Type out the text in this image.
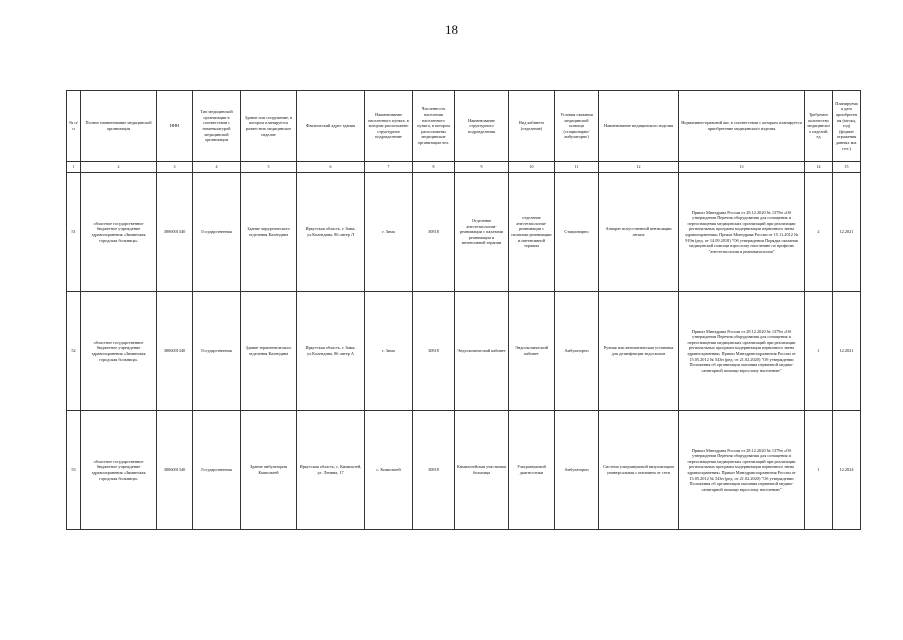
18
№ п/п	Полное наименование медицинской организации	ИНН	Тип медицинской организации в соответствии с номенклатурой медицинской организации	Здание или сооружение, в котором планируется разместить медицинское изделие	Фактический адрес здания	Наименование населенного пункта, в котором расположено структурное подразделение	Численность населения населенного пункта, в котором расположены медицинские организации чел.	Наименование структурного подразделения	Вид кабинета (отделение)	Условия оказания медицинской помощи (стационарно/амбулаторно)	Наименование медицинского изделия	Нормативно-правовой акт, в соответствии с которым планируется приобретение медицинского изделия	Требуемое количество медицинских изделий, ед	Планируемая дата приобретения (месяц, год) (формат отражения данных мм. гггг.)
1	2	3	4	5	6	7	8	9	10	11	12	13	14	15
51	областное государственное бюджетное учреждение здравоохранения «Зиминская городская больница»	3806001340	Государственная	Здание хирургического отделения Календина	Иркутская область, г. Зима, ул.Календина, 86 литер Л	г. Зима	30818	Отделение анестезиологии-реанимации с палатами реанимации и интенсивной терапии	отделение анестезиологии-реанимации с палатами реанимации и интенсивной терапии	Стационарно	Аппарат искусственной вентиляции легких	Приказ Минздрава России от 28.12.2020 № 1379н «Об утверждении Перечня оборудования для оснащения и переоснащения медицинских организаций при реализации региональных программ модернизации первичного звена здравоохранения» Приказ Минздрава России от 15.11.2012 № 919н (ред. от 14.09.2018) "Об утверждении Порядка оказания медицинской помощи взрослому населению по профилю "анестезиология и реаниматология"	2	12.2021
52	областное государственное бюджетное учреждение здравоохранения «Зиминская городская больница»	3806001340	Государственная	Здание терапевтического отделения Календина	Иркутская область, г. Зима, ул.Календина, 86 литер А	г. Зима	30818	Эндоскопический кабинет	Эндоскопический кабинет	Амбулаторно	Ручная или автоматическая установка для дезинфекции эндоскопов	Приказ Минздрава России от 28.12.2020 № 1379н «Об утверждении Перечня оборудования для оснащения и переоснащения медицинских организаций при реализации региональных программ модернизации первичного звена здравоохранения» Приказ Минздравсоцразвития России от 15.05.2012 № 543н (ред. от 21.02.2020) "Об утверждении Положения об организации оказания первичной медико-санитарной помощи взрослому населению"	1	12.2021
53	областное государственное бюджетное учреждение здравоохранения «Зиминская городская больница»	3806001340	Государственная	Здание амбулатории Кимильтей	Иркутская область, с. Кимильтей, ул. Ленина, 17	с. Кимильтей	30818	Кимильтейская участковая больница	Ультразвуковой диагностики	Амбулаторно	Система ультразвуковой визуализации универсальная с питанием от сети	Приказ Минздрава России от 28.12.2020 № 1379н «Об утверждении Перечня оборудования для оснащения и переоснащения медицинских организаций при реализации региональных программ модернизации первичного звена здравоохранения» Приказ Минздравсоцразвития России от 15.05.2012 № 543н (ред. от 21.02.2020) "Об утверждении Положения об организации оказания первичной медико-санитарной помощи взрослому населению"	1	12.2024
